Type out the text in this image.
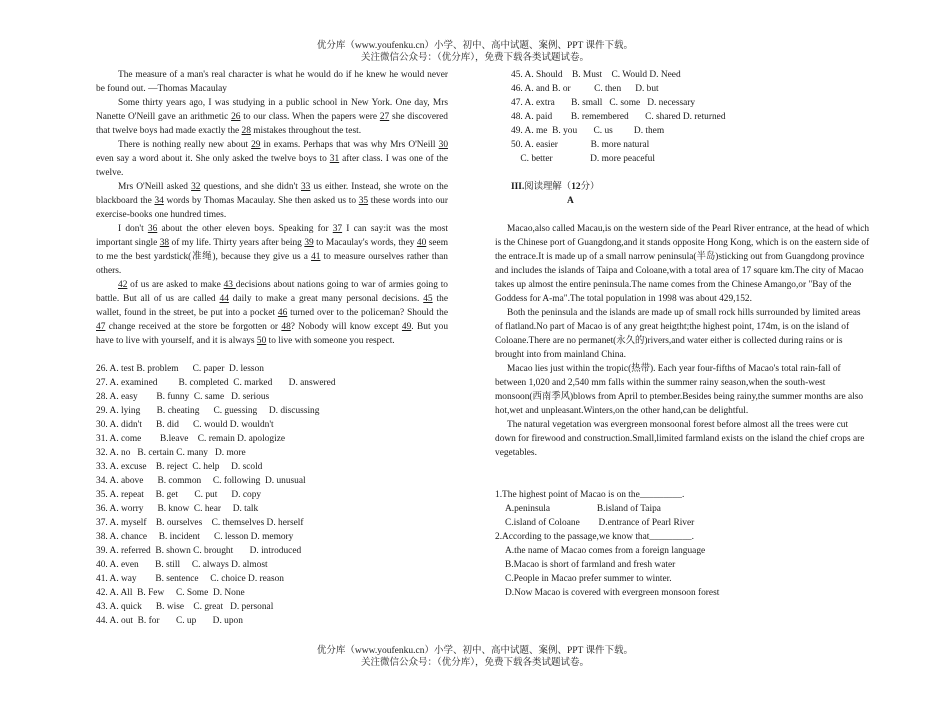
优分库（www.youfenku.cn）小学、初中、高中试题、案例、PPT 课件下载。
关注微信公众号：（优分库），免费下载各类试题试卷。

The measure of a man's real character is what he would do if he knew he would never be found out. —Thomas Macaulay

Some thirty years ago, I was studying in a public school in New York. One day, Mrs Nanette O'Neill gave an arithmetic 26 to our class. When the papers were 27 she discovered that twelve boys had made exactly the 28 mistakes throughout the test.

There is nothing really new about 29 in exams. Perhaps that was why Mrs O'Neill 30 even say a word about it. She only asked the twelve boys to 31 after class. I was one of the twelve.

Mrs O'Neill asked 32 questions, and she didn't 33 us either. Instead, she wrote on the blackboard the 34 words by Thomas Macaulay. She then asked us to 35 these words into our exercise-books one hundred times.

I don't 36 about the other eleven boys. Speaking for 37 I can say:it was the most important single 38 of my life. Thirty years after being 39 to Macaulay's words, they 40 seem to me the best yardstick(准绳), because they give us a 41 to measure ourselves rather than others.

42 of us are asked to make 43 decisions about nations going to war of armies going to battle. But all of us are called 44 daily to make a great many personal decisions. 45 the wallet, found in the street, be put into a pocket 46 turned over to the policeman? Should the 47 change received at the store be forgotten or 48? Nobody will know except 49. But you have to live with yourself, and it is always 50 to live with someone you respect.

26. A. test B. problem      C. paper  D. lesson

27. A. examined         B. completed  C. marked       D. answered

28. A. easy        B. funny  C. same   D. serious

29. A. lying       B. cheating      C. guessing     D. discussing

30. A. didn't      B. did      C. would D. wouldn't

31. A. come        B.leave    C. remain D. apologize

32. A. no   B. certain C. many   D. more

33. A. excuse    B. reject  C. help     D. scold

34. A. above      B. common     C. following  D. unusual

35. A. repeat     B. get       C. put      D. copy

36. A. worry      B. know  C. hear     D. talk

37. A. myself    B. ourselves    C. themselves D. herself

38. A. chance     B. incident      C. lesson D. memory

39. A. referred  B. shown C. brought       D. introduced

40. A. even       B. still     C. always D. almost

41. A. way        B. sentence     C. choice D. reason

42. A. All  B. Few     C. Some  D. None

43. A. quick      B. wise    C. great   D. personal

44. A. out  B. for       C. up       D. upon

45. A. Should    B. Must    C. Would D. Need

46. A. and B. or          C. then      D. but

47. A. extra       B. small   C. some   D. necessary

48. A. paid        B. remembered       C. shared D. returned

49. A. me  B. you       C. us         D. them

50. A. easier              B. more natural

C. better                D. more peaceful

III.阅读理解（12分）

A

Macao,also called Macau,is on the western side of the Pearl River entrance, at the head of which is the Chinese port of Guangdong,and it stands opposite Hong Kong, which is on the eastern side of the entrace.It is made up of a small narrow peninsula(半岛)sticking out from Guangdong province and includes the islands of Taipa and Coloane,with a total area of 17 square km.The city of Macao takes up almost the entire peninsula.The name comes from the Chinese Amango,or "Bay of the Goddess for A-ma".The total population in 1998 was about 429,152.

Both the peninsula and the islands are made up of small rock hills surrounded by limited areas of flatland.No part of Macao is of any great heigtht;the highest point, 174m, is on the island of Coloane.There are no permanet(永久的)rivers,and water either is collected during rains or is brought into from mainland China.

Macao lies just within the tropic(热带). Each year four-fifths of Macao's total rain-fall of between 1,020 and 2,540 mm falls within the summer rainy season,when the south-west monsoon(西南季风)blows from April to ptember.Besides being rainy,the summer months are also hot,wet and unpleasant.Winters,on the other hand,can be delightful.

The natural vegetation was evergreen monsoonal forest before almost all the trees were cut down for firewood and construction.Small,limited farmland exists on the island the chief crops are vegetables.

1.The highest point of Macao is on the_________.

A.peninsula                    B.island of Taipa

C.island of Coloane        D.entrance of Pearl River

2.According to the passage,we know that_________.

A.the name of Macao comes from a foreign language

B.Macao is short of farmland and fresh water

C.People in Macao prefer summer to winter.

D.Now Macao is covered with evergreen monsoon forest

优分库（www.youfenku.cn）小学、初中、高中试题、案例、PPT 课件下载。
关注微信公众号：（优分库），免费下载各类试题试卷。
